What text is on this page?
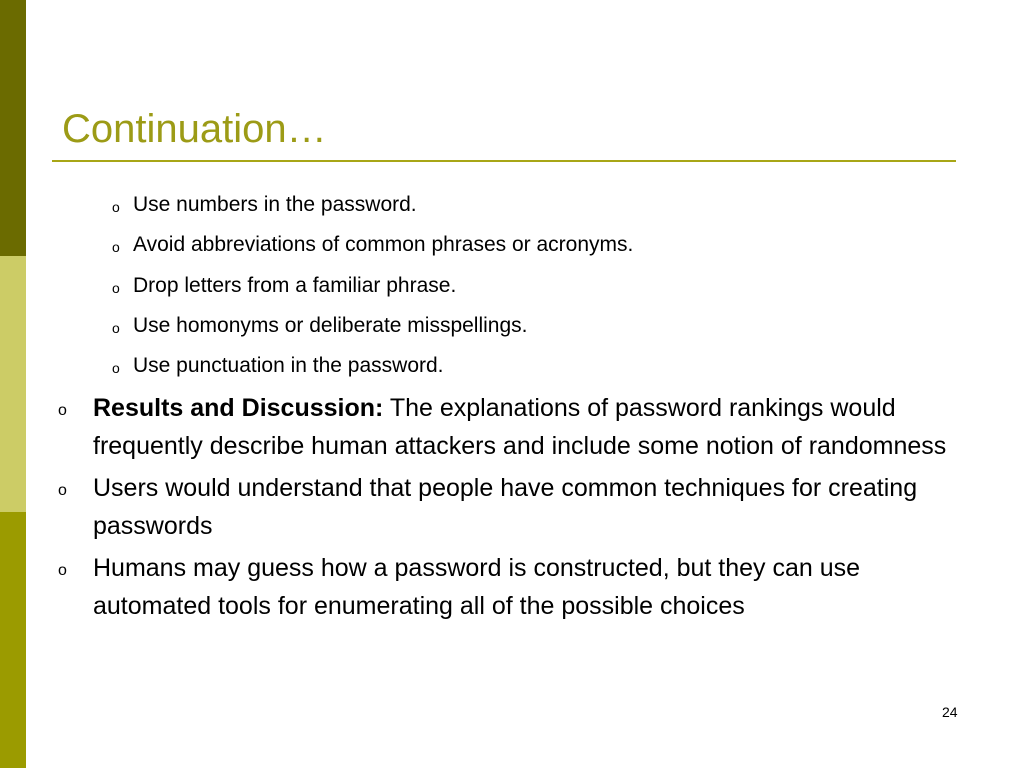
Continuation…
o Use numbers in the password.
o Avoid abbreviations of common phrases or acronyms.
o Drop letters from a familiar phrase.
o Use homonyms or deliberate misspellings.
o Use punctuation in the password.
o	Results and Discussion: The explanations of password rankings would frequently describe human attackers and include some notion of randomness
o	Users would understand that people have common techniques for creating passwords
o	Humans may guess how a password is constructed, but they can use automated tools for enumerating all of the possible choices
24
